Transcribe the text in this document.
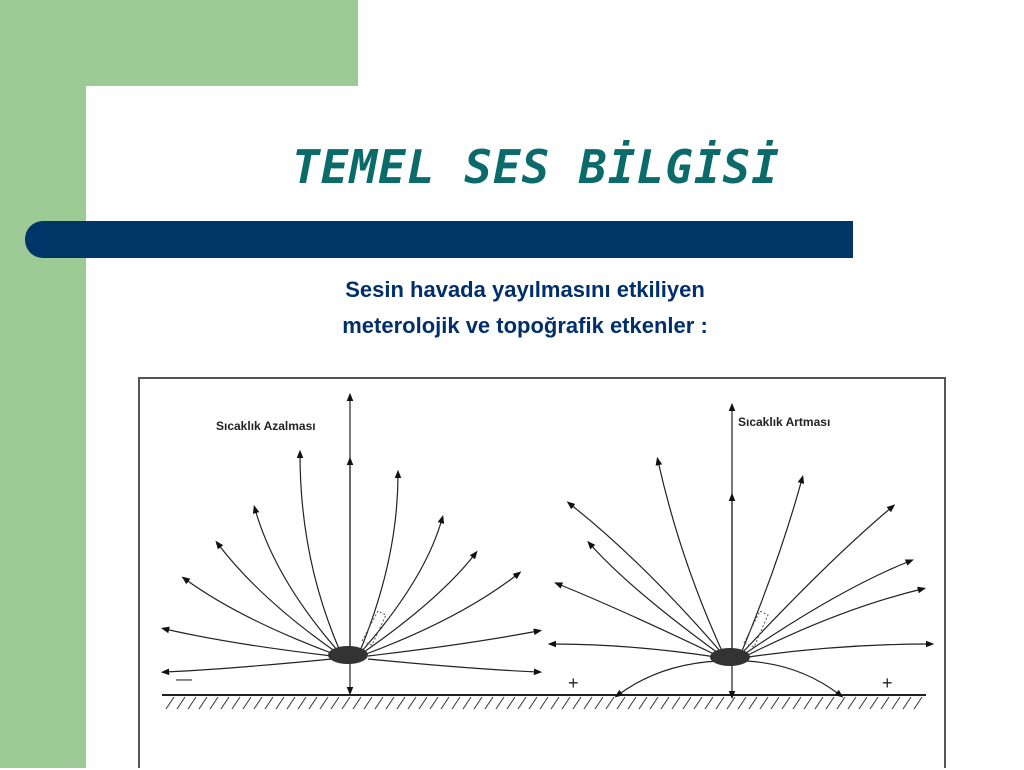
TEMEL SES BİLGİSİ
Sesin havada yayılmasını etkiliyen
meterolojik ve topoğrafik etkenler :
—	+	+
Sıcaklık Azalması	Sıcaklık Artması
